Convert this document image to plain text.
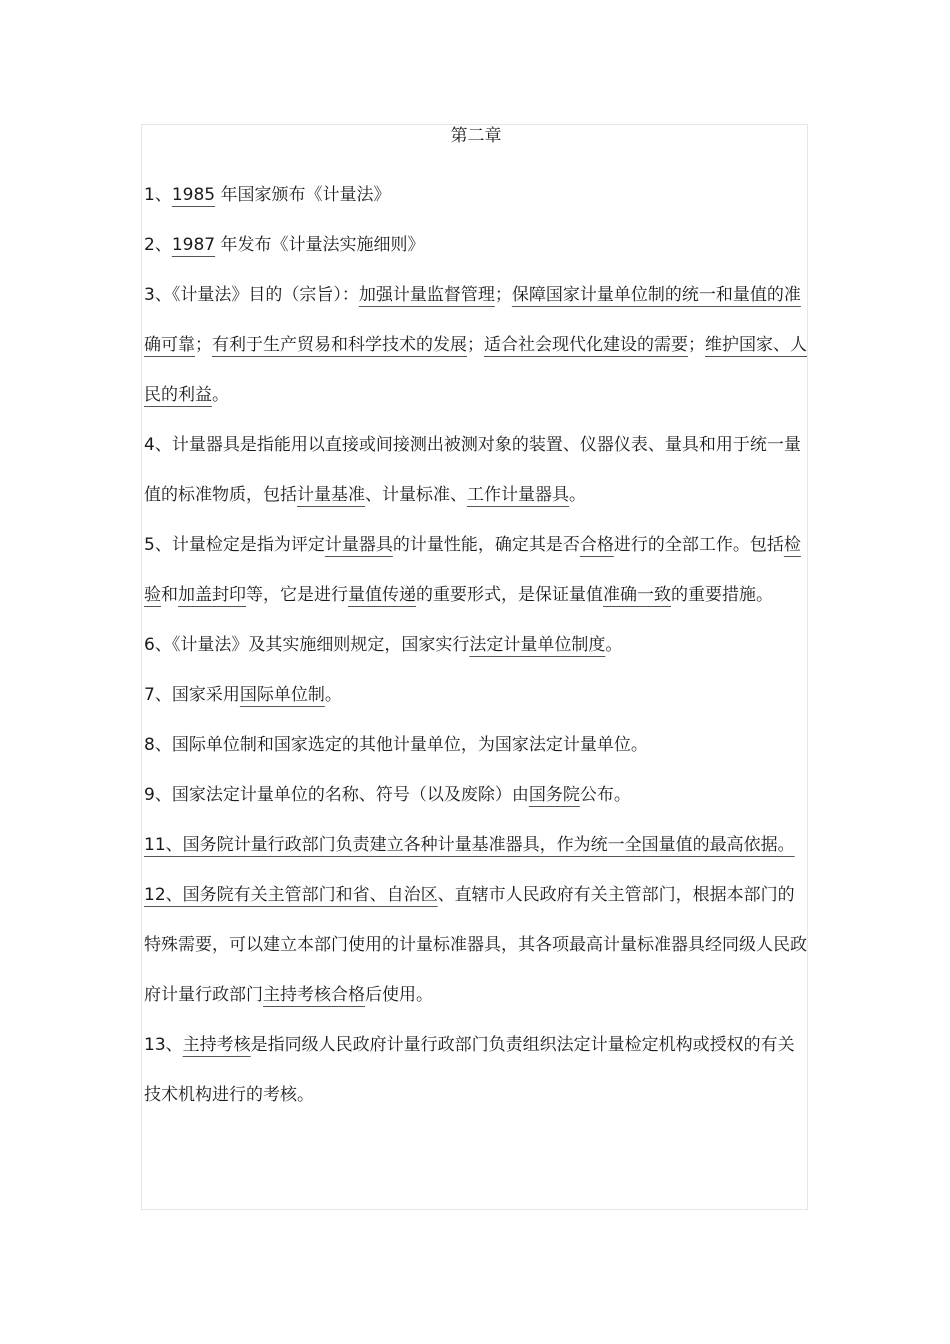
第二章

1、1985 年国家颁布《计量法》

2、1987 年发布《计量法实施细则》

3、《计量法》目的（宗旨）：加强计量监督管理；保障国家计量单位制的统一和量值的准确可靠；有利于生产贸易和科学技术的发展；适合社会现代化建设的需要；维护国家、人民的利益。

4、计量器具是指能用以直接或间接测出被测对象的装置、仪器仪表、量具和用于统一量值的标准物质，包括计量基准、计量标准、工作计量器具。

5、计量检定是指为评定计量器具的计量性能，确定其是否合格进行的全部工作。包括检验和加盖封印等，它是进行量值传递的重要形式，是保证量值准确一致的重要措施。

6、《计量法》及其实施细则规定，国家实行法定计量单位制度。

7、国家采用国际单位制。

8、国际单位制和国家选定的其他计量单位，为国家法定计量单位。

9、国家法定计量单位的名称、符号（以及废除）由国务院公布。

11、国务院计量行政部门负责建立各种计量基准器具，作为统一全国量值的最高依据。

12、国务院有关主管部门和省、自治区、直辖市人民政府有关主管部门，根据本部门的特殊需要，可以建立本部门使用的计量标准器具，其各项最高计量标准器具经同级人民政府计量行政部门主持考核合格后使用。

13、主持考核是指同级人民政府计量行政部门负责组织法定计量检定机构或授权的有关技术机构进行的考核。
